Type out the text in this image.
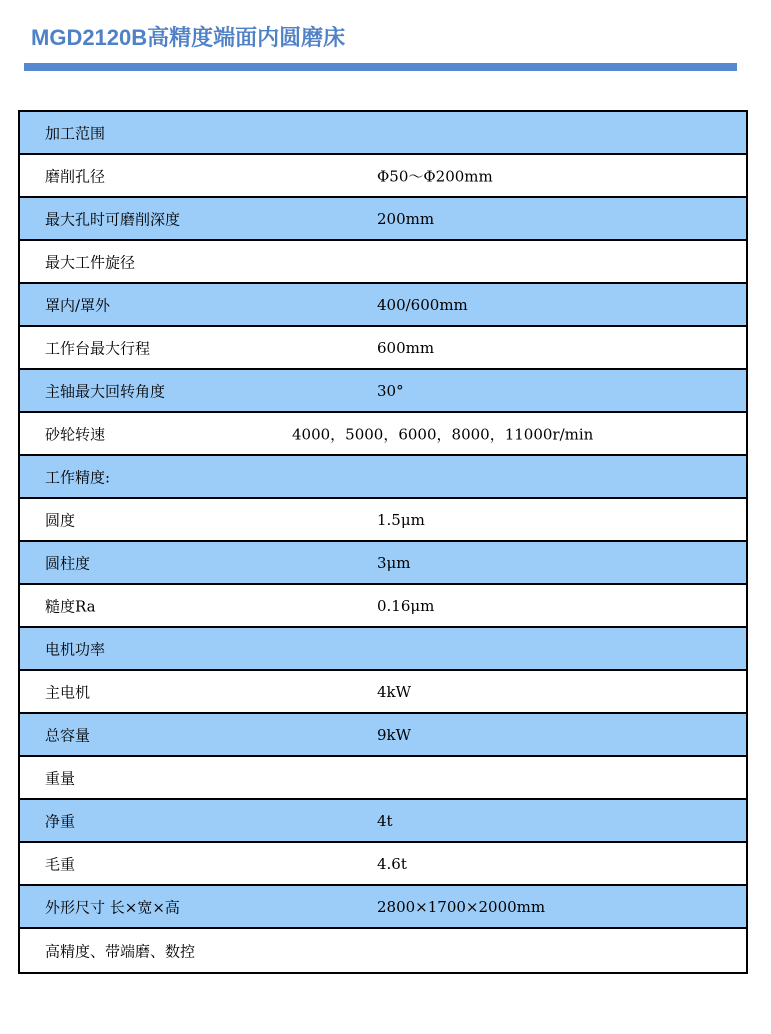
MGD2120B高精度端面内圆磨床
加工范围
磨削孔径	Φ50～Φ200mm
最大孔时可磨削深度	200mm
最大工件旋径
罩内/罩外	400/600mm
工作台最大行程	600mm
主轴最大回转角度	30°
砂轮转速	4000，5000，6000，8000，11000r/min
工作精度:
圆度	1.5μm
圆柱度	3μm
糙度Ra	0.16μm
电机功率
主电机	4kW
总容量	9kW
重量
净重	4t
毛重	4.6t
外形尺寸 长×宽×高	2800×1700×2000mm
高精度、带端磨、数控
